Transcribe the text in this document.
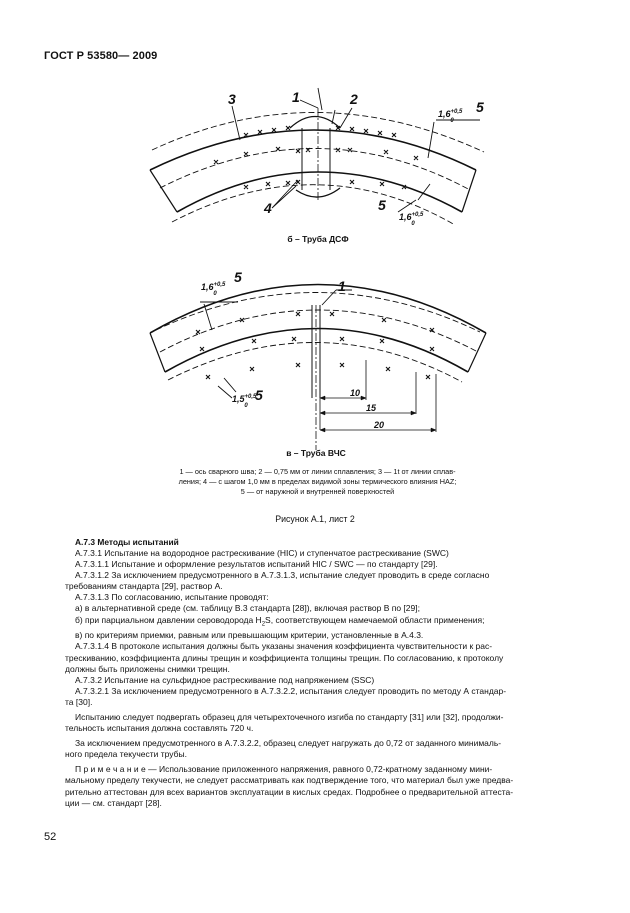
ГОСТ Р 53580— 2009
3	1	2
$1,6^{+0,5}$ 0
5
4	5
$1,6^{+0,5}$ 0
б – Труба ДСФ
$1,6^{+0,5}$ 0
5
1
$1,5^{+0,5}$ 0
5	10
15
20
в – Труба ВЧС
1 — ось сварного шва; 2 — 0,75 мм от линии сплавления; 3 — 1t от линии сплав-
ления; 4 — с шагом 1,0 мм в пределах видимой зоны термического влияния HAZ;
5 — от наружной и внутренней поверхностей
Рисунок А.1, лист 2
А.7.3 Методы испытаний

А.7.3.1 Испытание на водородное растрескивание (HIC) и ступенчатое растрескивание (SWC)

А.7.3.1.1 Испытание и оформление результатов испытаний HIC / SWC — по стандарту [29].

А.7.3.1.2 За исключением предусмотренного в А.7.3.1.3, испытание следует проводить в среде согласно

требованиям стандарта [29], раствор А.

А.7.3.1.3 По согласованию, испытание проводят:

а) в альтернативной среде (см. таблицу В.3 стандарта [28]), включая раствор В по [29];

б) при парциальном давлении сероводорода $H_2S$, соответствующем намечаемой области применения;

в) по критериям приемки, равным или превышающим критерии, установленные в А.4.3.

А.7.3.1.4 В протоколе испытания должны быть указаны значения коэффициента чувствительности к рас-

трескиванию, коэффициента длины трещин и коэффициента толщины трещин. По согласованию, к протоколу

должны быть приложены снимки трещин.

А.7.3.2 Испытание на сульфидное растрескивание под напряжением (SSC)

А.7.3.2.1 За исключением предусмотренного в А.7.3.2.2, испытания следует проводить по методу А стандар-

та [30].

Испытанию следует подвергать образец для четырехточечного изгиба по стандарту [31] или [32], продолжи-

тельность испытания должна составлять 720 ч.

За исключением предусмотренного в А.7.3.2.2, образец следует нагружать до 0,72 от заданного минималь-

ного предела текучести трубы.

П р и м е ч а н и е — Использование приложенного напряжения, равного 0,72-кратному заданному мини-

мальному пределу текучести, не следует рассматривать как подтверждение того, что материал был уже предва-

рительно аттестован для всех вариантов эксплуатации в кислых средах. Подробнее о предварительной аттеста-

ции — см. стандарт [28].

52
